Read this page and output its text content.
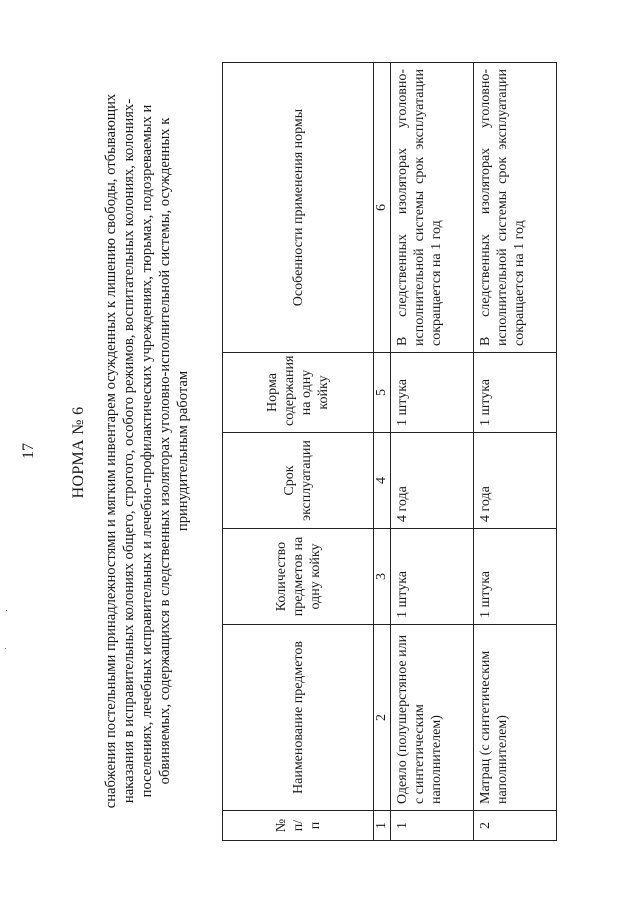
17 НОРМА № 6 снабжения постельными принадлежностями и мягким инвентарем осужденных к лишению свободы, отбывающих наказания в исправительных колониях общего, строгого, особого режимов, воспитательных колониях, колониях-поселениях, лечебных исправительных и лечебно-профилактических учреждениях, тюрьмах, подозреваемых и обвиняемых, содержащихся в следственных изоляторах уголовно-исполнительной системы, осужденных к принудительным работам
№ п/п	Наименование предметов	Количество предметов на одну койку	Срок эксплуатации	Норма содержания на одну койку	Особенности применения нормы
1	2	3	4	5	6
1	Одеяло (полушерстяное или с синтетическим наполнителем)	1 штука	4 года	1 штука	В следственных изоляторах уголовно-исполнительной системы срок эксплуатации сокращается на 1 год
2	Матрац (с синтетическим наполнителем)	1 штука	4 года	1 штука	В следственных изоляторах уголовно-исполнительной системы срок эксплуатации сокращается на 1 год
